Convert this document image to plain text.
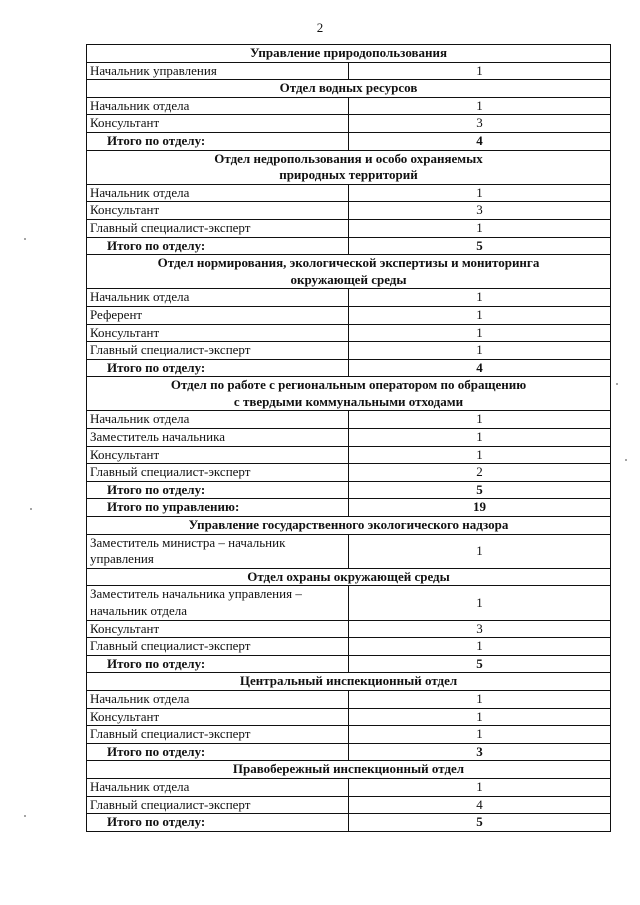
2
Управление природопользования	
Начальник управления	1
Отдел водных ресурсов	
Начальник отдела	1
Консультант	3
Итого по отделу:	4
Отдел недропользования и особо охраняемых
природных территорий	
Начальник отдела	1
Консультант	3
Главный специалист-эксперт	1
Итого по отделу:	5
Отдел нормирования, экологической экспертизы и мониторинга
окружающей среды	
Начальник отдела	1
Референт	1
Консультант	1
Главный специалист-эксперт	1
Итого по отделу:	4
Отдел по работе с региональным оператором по обращению
с твердыми коммунальными отходами	
Начальник отдела	1
Заместитель начальника	1
Консультант	1
Главный специалист-эксперт	2
Итого по отделу:	5
Итого по управлению:	19
Управление государственного экологического надзора	
Заместитель министра – начальник управления	1
Отдел охраны окружающей среды	
Заместитель начальника управления – начальник отдела	1
Консультант	3
Главный специалист-эксперт	1
Итого по отделу:	5
Центральный инспекционный отдел	
Начальник отдела	1
Консультант	1
Главный специалист-эксперт	1
Итого по отделу:	3
Правобережный инспекционный отдел	
Начальник отдела	1
Главный специалист-эксперт	4
Итого по отделу:	5
